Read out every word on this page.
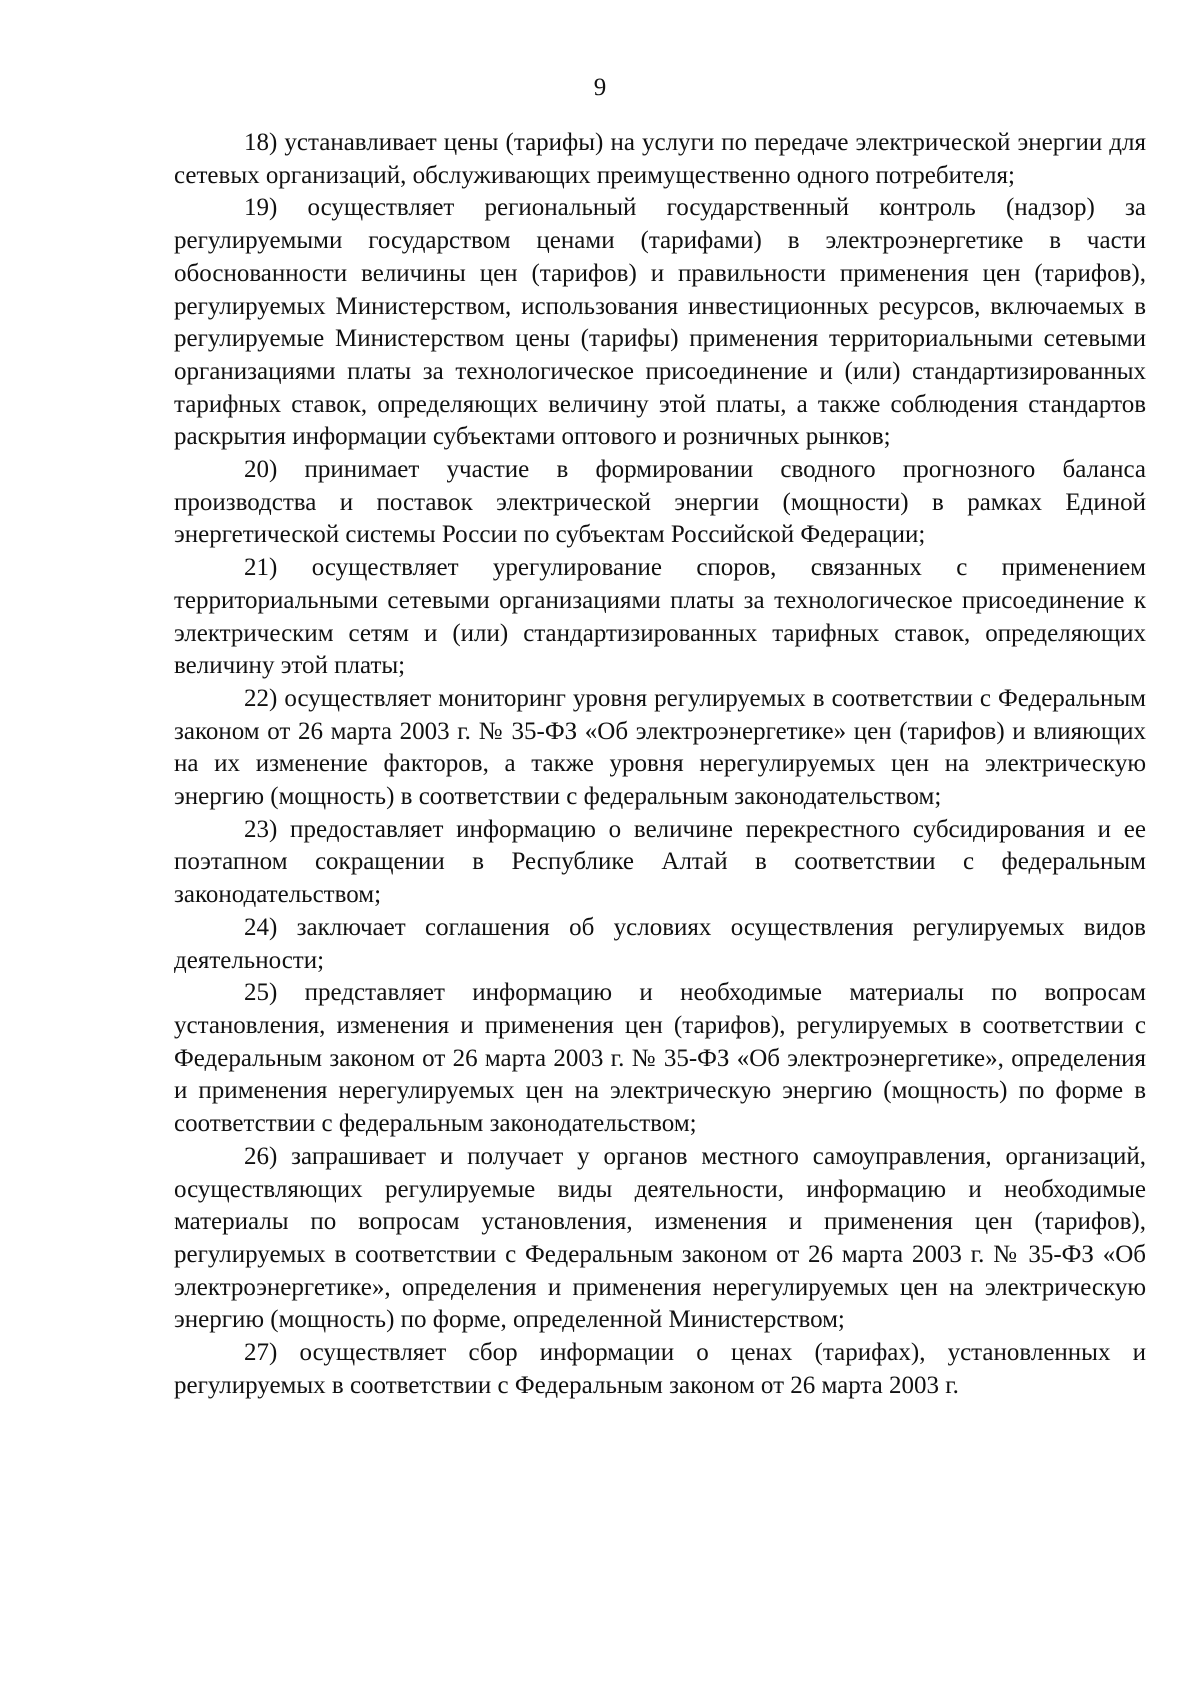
9

18) устанавливает цены (тарифы) на услуги по передаче электрической энергии для сетевых организаций, обслуживающих преимущественно одного потребителя;

19) осуществляет региональный государственный контроль (надзор) за регулируемыми государством ценами (тарифами) в электроэнергетике в части обоснованности величины цен (тарифов) и правильности применения цен (тарифов), регулируемых Министерством, использования инвестиционных ресурсов, включаемых в регулируемые Министерством цены (тарифы) применения территориальными сетевыми организациями платы за технологическое присоединение и (или) стандартизированных тарифных ставок, определяющих величину этой платы, а также соблюдения стандартов раскрытия информации субъектами оптового и розничных рынков;

20) принимает участие в формировании сводного прогнозного баланса производства и поставок электрической энергии (мощности) в рамках Единой энергетической системы России по субъектам Российской Федерации;

21) осуществляет урегулирование споров, связанных с применением территориальными сетевыми организациями платы за технологическое присоединение к электрическим сетям и (или) стандартизированных тарифных ставок, определяющих величину этой платы;

22) осуществляет мониторинг уровня регулируемых в соответствии с Федеральным законом от 26 марта 2003 г. № 35-ФЗ «Об электроэнергетике» цен (тарифов) и влияющих на их изменение факторов, а также уровня нерегулируемых цен на электрическую энергию (мощность) в соответствии с федеральным законодательством;

23) предоставляет информацию о величине перекрестного субсидирования и ее поэтапном сокращении в Республике Алтай в соответствии с федеральным законодательством;

24) заключает соглашения об условиях осуществления регулируемых видов деятельности;

25) представляет информацию и необходимые материалы по вопросам установления, изменения и применения цен (тарифов), регулируемых в соответствии с Федеральным законом от 26 марта 2003 г. № 35-ФЗ «Об электроэнергетике», определения и применения нерегулируемых цен на электрическую энергию (мощность) по форме в соответствии с федеральным законодательством;

26) запрашивает и получает у органов местного самоуправления, организаций, осуществляющих регулируемые виды деятельности, информацию и необходимые материалы по вопросам установления, изменения и применения цен (тарифов), регулируемых в соответствии с Федеральным законом от 26 марта 2003 г. № 35-ФЗ «Об электроэнергетике», определения и применения нерегулируемых цен на электрическую энергию (мощность) по форме, определенной Министерством;

27) осуществляет сбор информации о ценах (тарифах), установленных и регулируемых в соответствии с Федеральным законом от 26 марта 2003 г.
